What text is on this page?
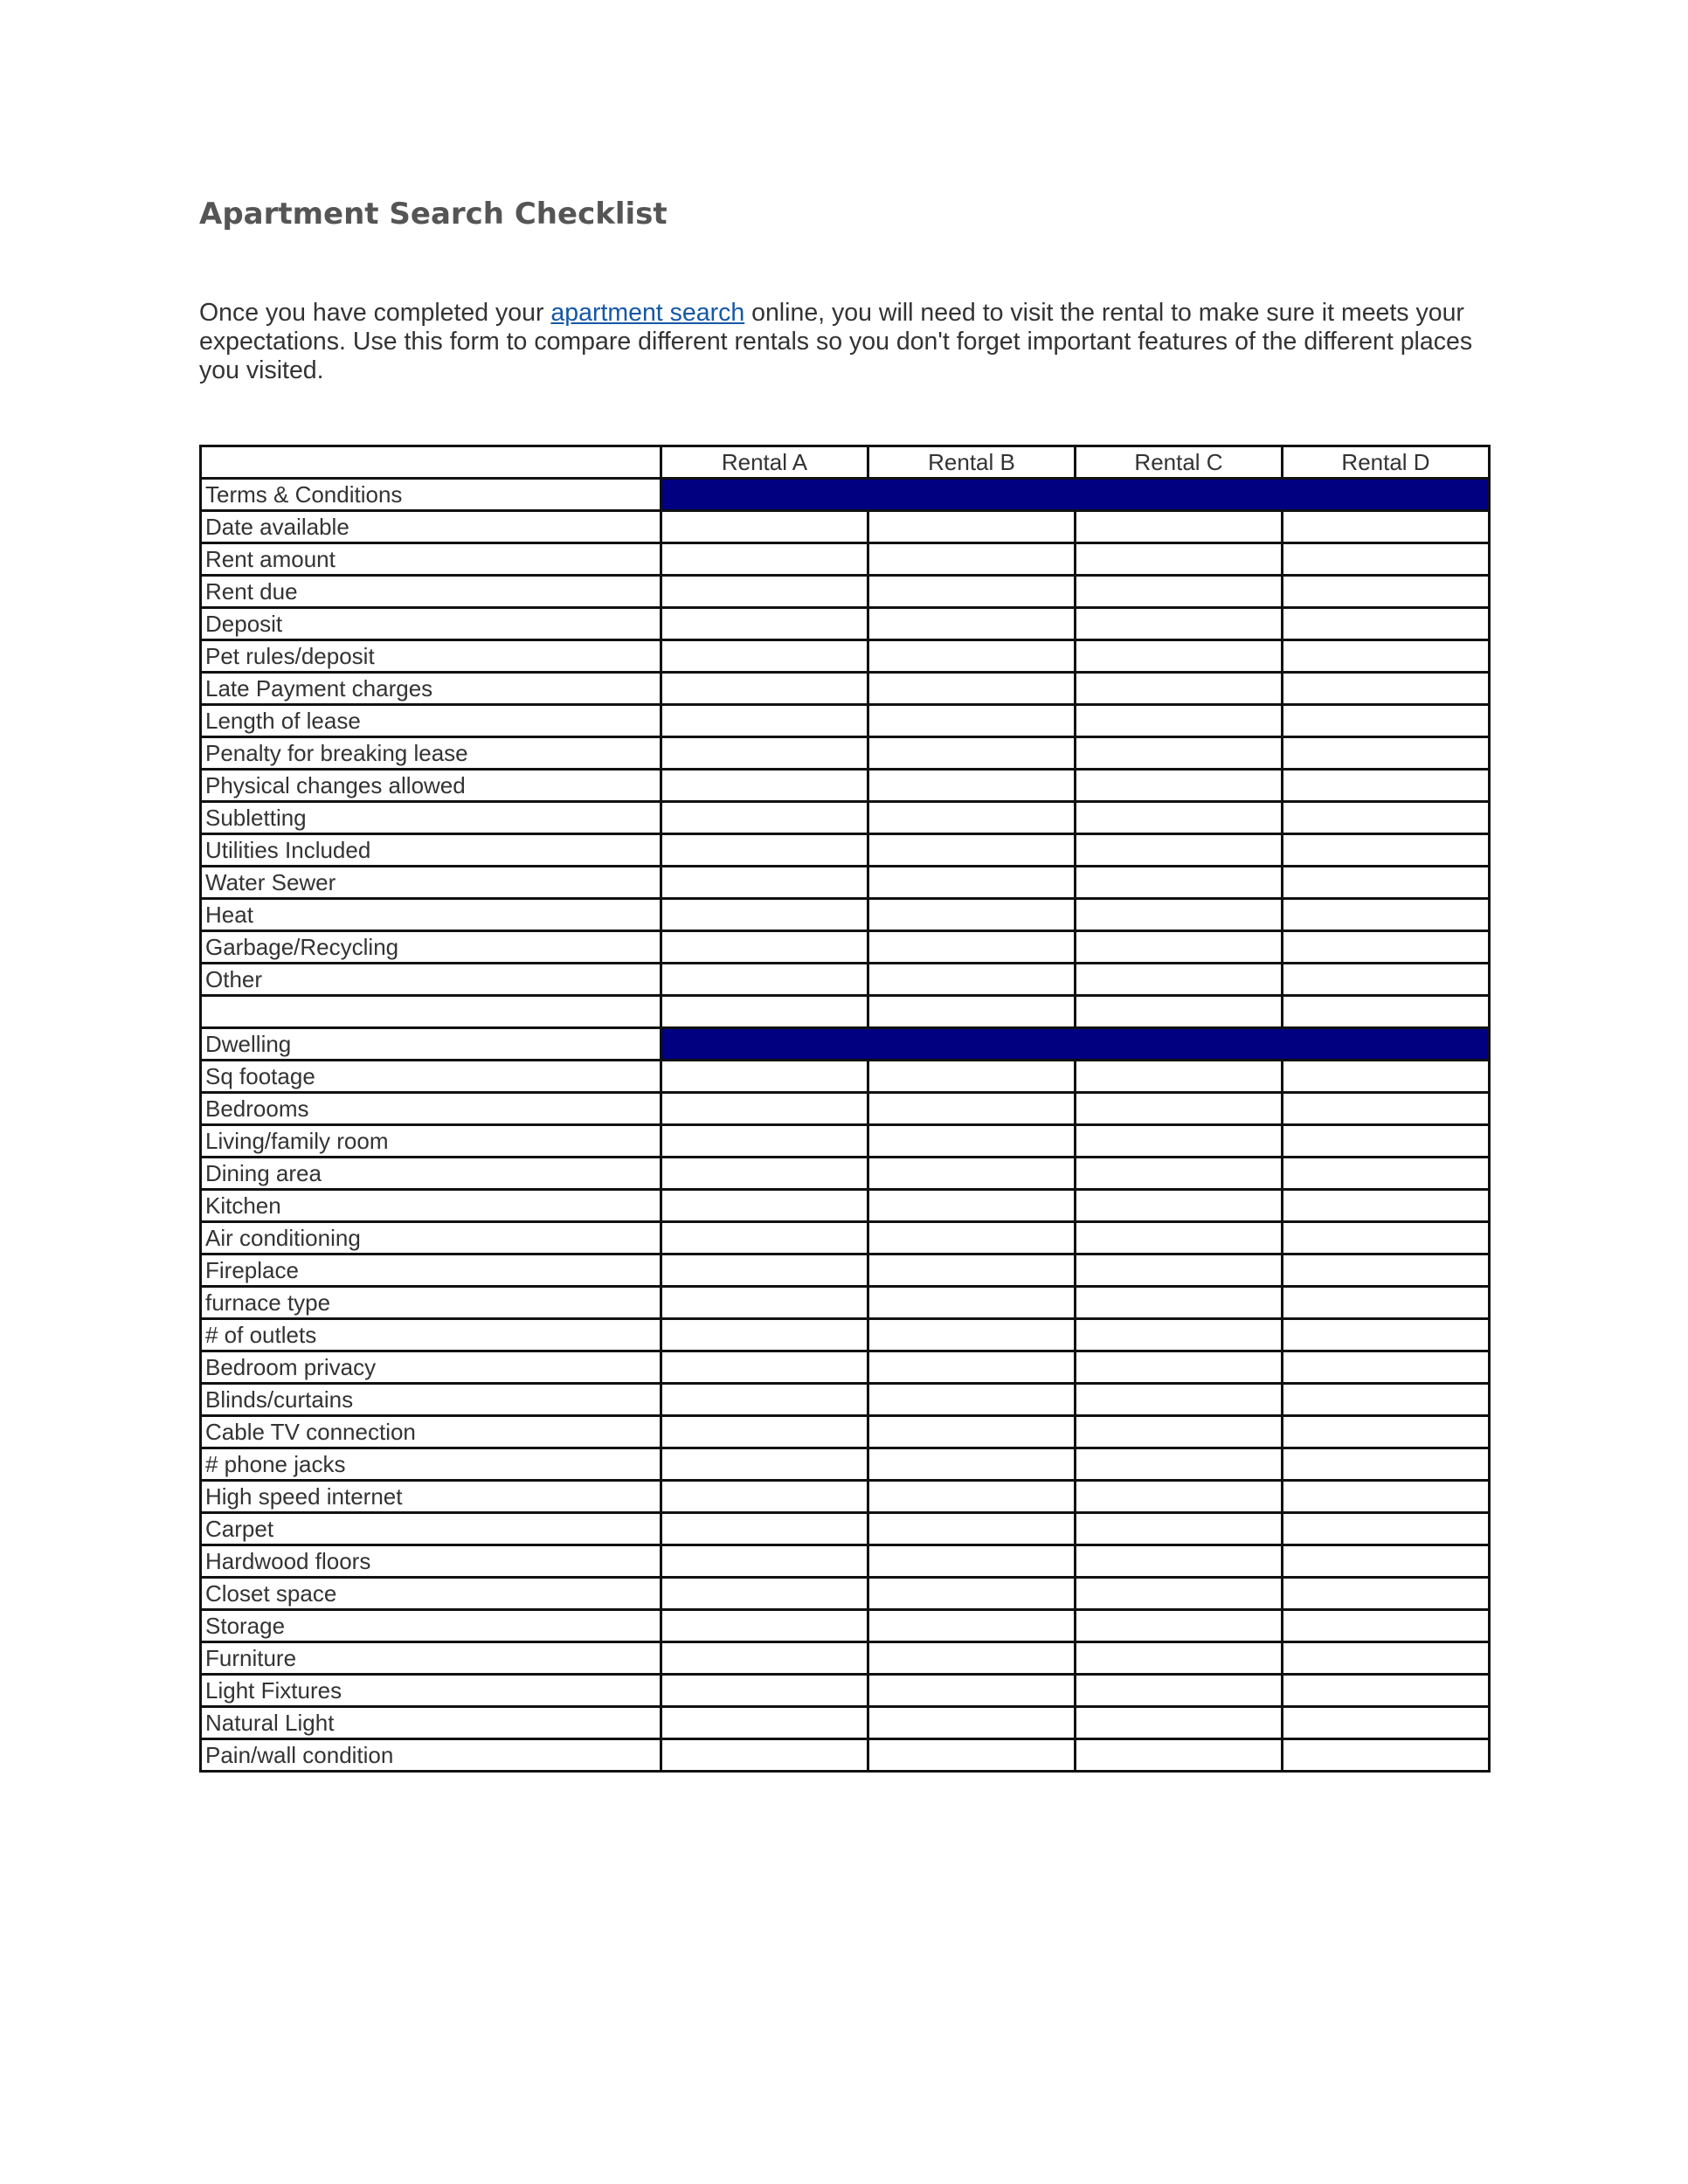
Apartment Search Checklist

Once you have completed your apartment search online, you will need to visit the rental to make sure it meets your expectations. Use this form to compare different rentals so you don't forget important features of the different places you visited.

	Rental A	Rental B	Rental C	Rental D
Terms & Conditions				
Date available				
Rent amount				
Rent due				
Deposit				
Pet rules/deposit				
Late Payment charges				
Length of lease				
Penalty for breaking lease				
Physical changes allowed				
Subletting				
Utilities Included				
Water Sewer				
Heat				
Garbage/Recycling				
Other				

Dwelling				
Sq footage				
Bedrooms				
Living/family room				
Dining area				
Kitchen				
Air conditioning				
Fireplace				
furnace type				
# of outlets				
Bedroom privacy				
Blinds/curtains				
Cable TV connection				
# phone jacks				
High speed internet				
Carpet				
Hardwood floors				
Closet space				
Storage				
Furniture				
Light Fixtures				
Natural Light				
Pain/wall condition				
